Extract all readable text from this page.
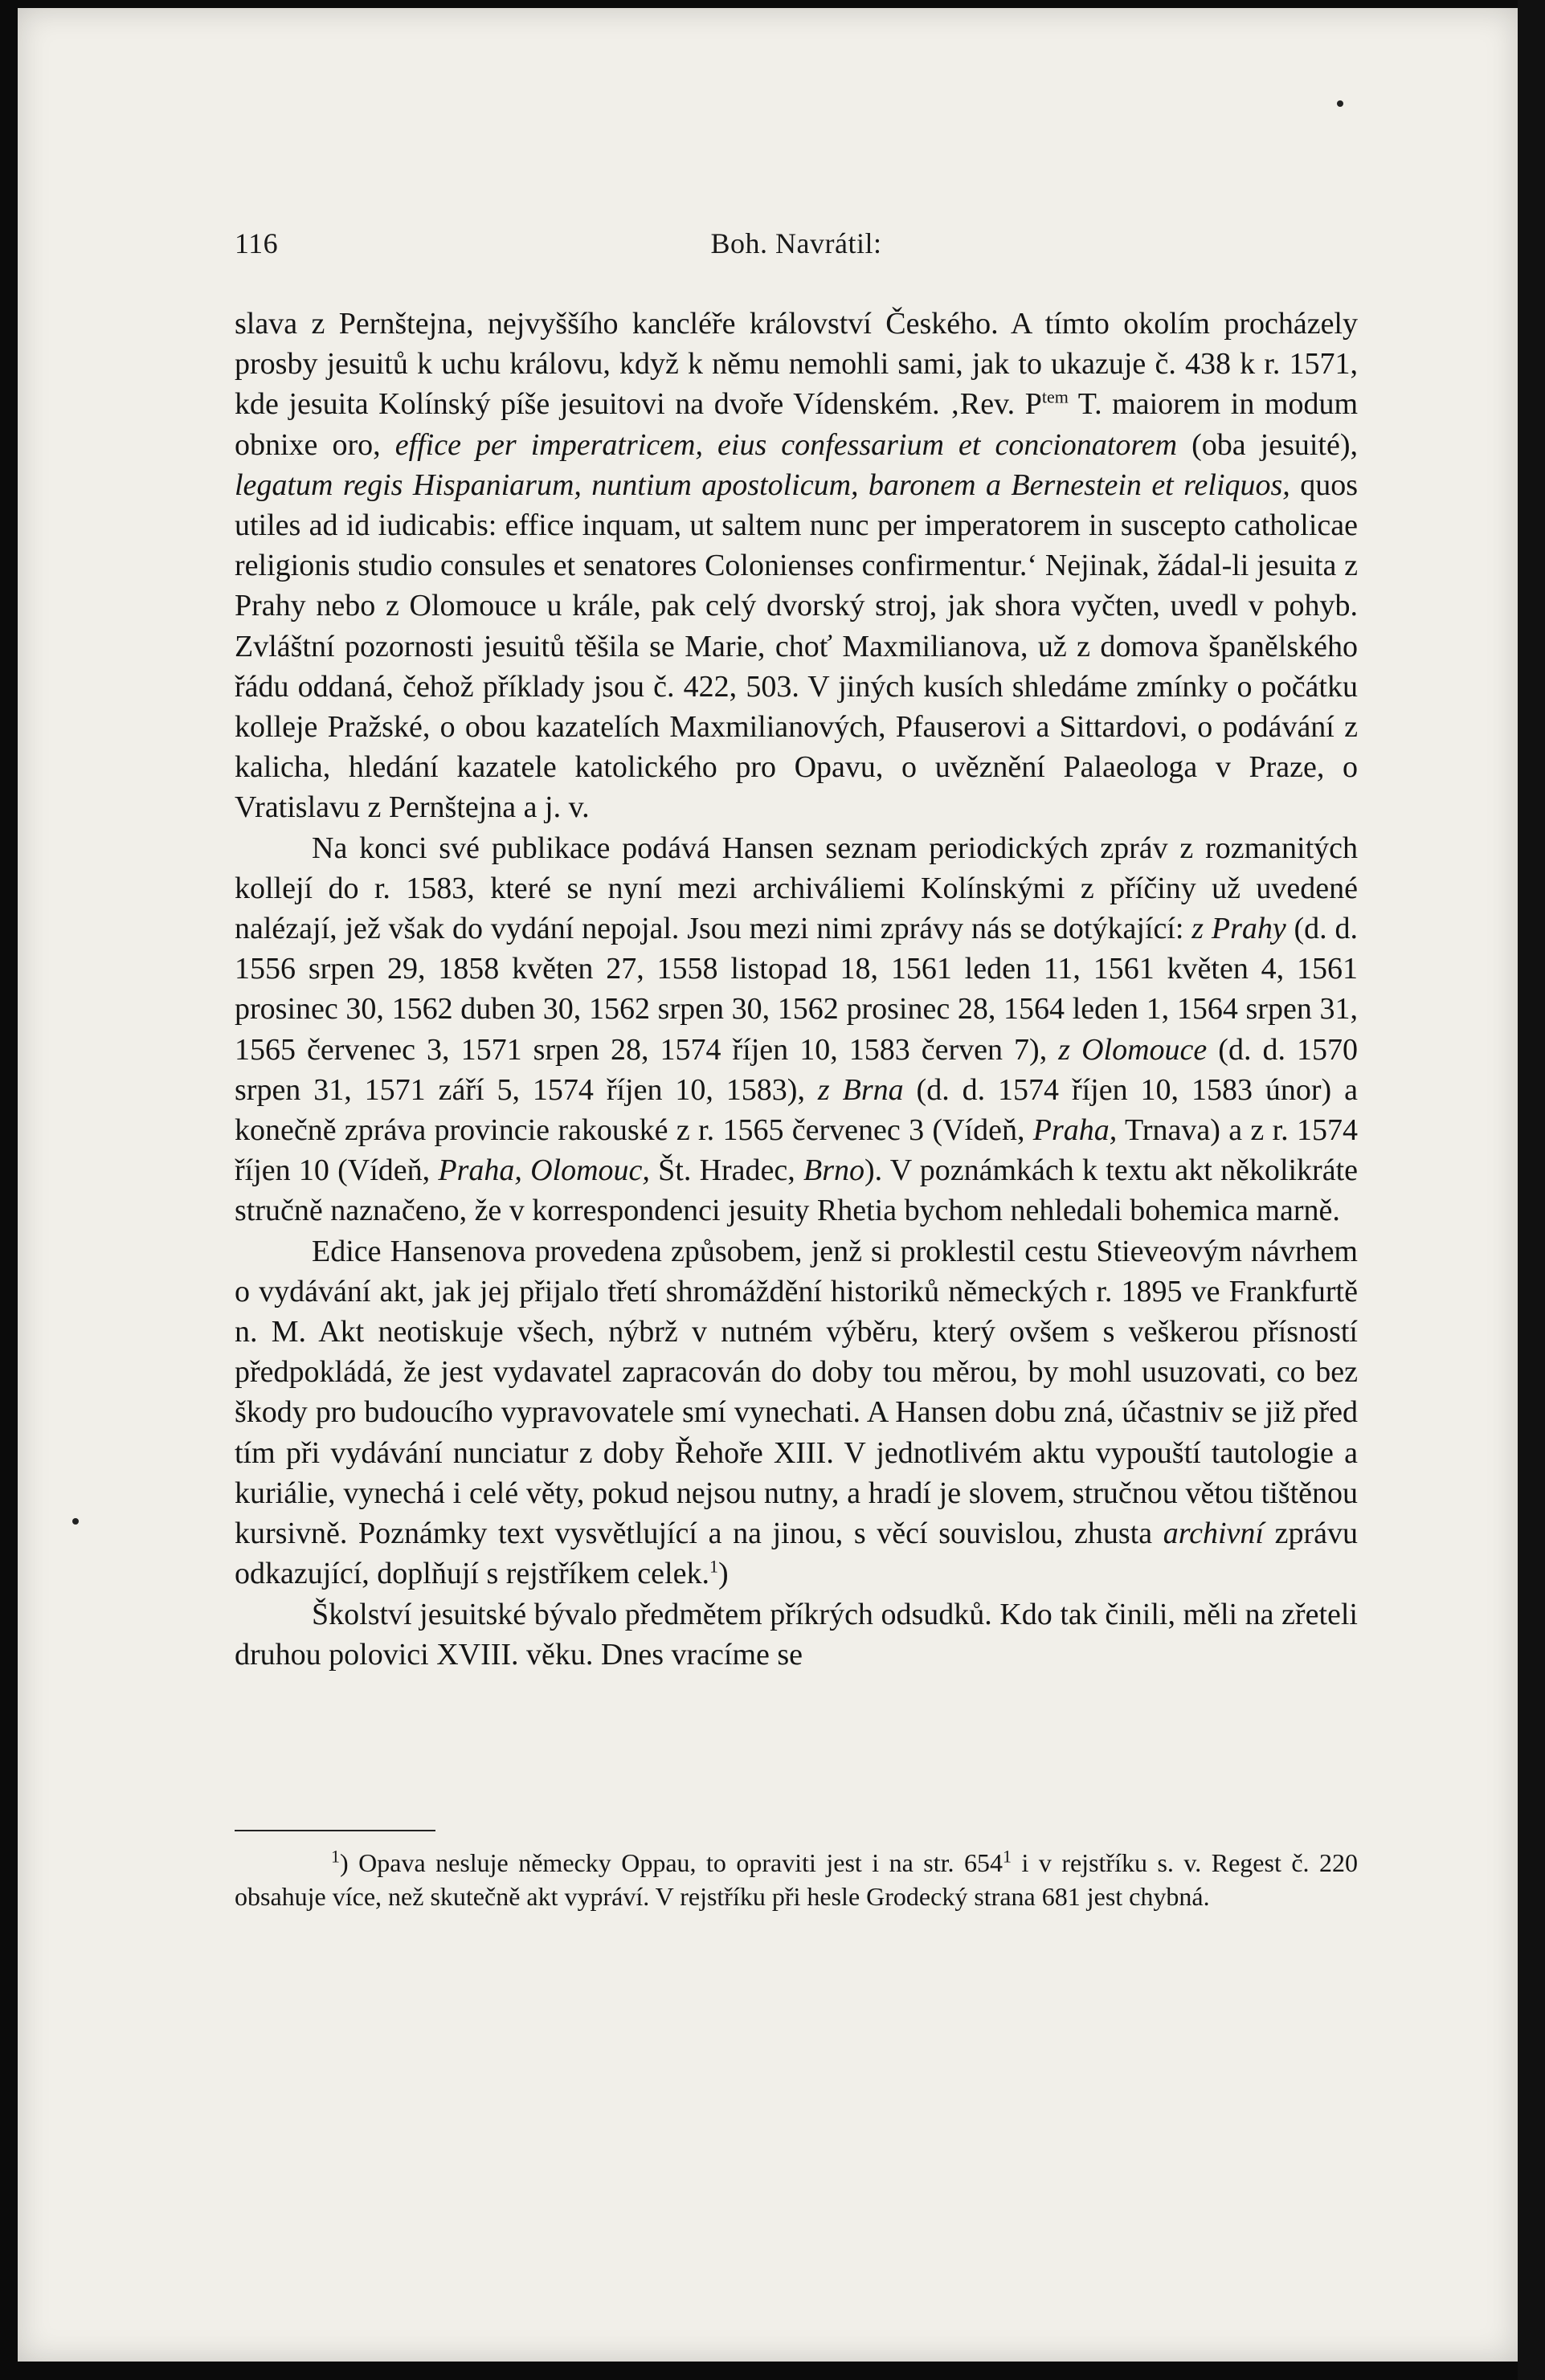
116	Boh. Navrátil:

slava z Pernštejna, nejvyššího kancléře království Českého. A tímto okolím procházely prosby jesuitů k uchu královu, když k němu nemohli sami, jak to ukazuje č. 438 k r. 1571, kde jesuita Kolínský píše jesuitovi na dvoře Vídenském. ‚Rev. $P^{tem}$ T. maiorem in modum obnixe oro, effice per imperatricem, eius confessarium et concionatorem (oba jesuité), legatum regis Hispaniarum, nuntium apostolicum, baronem a Bernestein et reliquos, quos utiles ad id iudicabis: effice inquam, ut saltem nunc per imperatorem in suscepto catholicae religionis studio consules et senatores Colonienses confirmentur.‘ Nejinak, žádal-li jesuita z Prahy nebo z Olomouce u krále, pak celý dvorský stroj, jak shora vyčten, uvedl v pohyb. Zvláštní pozornosti jesuitů těšila se Marie, choť Maxmilianova, už z domova španělského řádu oddaná, čehož příklady jsou č. 422, 503. V jiných kusích shledáme zmínky o počátku kolleje Pražské, o obou kazatelích Maxmilianových, Pfauserovi a Sittardovi, o podávání z kalicha, hledání kazatele katolického pro Opavu, o uvěznění Palaeologa v Praze, o Vratislavu z Pernštejna a j. v.

Na konci své publikace podává Hansen seznam periodických zpráv z rozmanitých kollejí do r. 1583, které se nyní mezi archiváliemi Kolínskými z příčiny už uvedené nalézají, jež však do vydání nepojal. Jsou mezi nimi zprávy nás se dotýkající: z Prahy (d. d. 1556 srpen 29, 1858 květen 27, 1558 listopad 18, 1561 leden 11, 1561 květen 4, 1561 prosinec 30, 1562 duben 30, 1562 srpen 30, 1562 prosinec 28, 1564 leden 1, 1564 srpen 31, 1565 červenec 3, 1571 srpen 28, 1574 říjen 10, 1583 červen 7), z Olomouce (d. d. 1570 srpen 31, 1571 září 5, 1574 říjen 10, 1583), z Brna (d. d. 1574 říjen 10, 1583 únor) a konečně zpráva provincie rakouské z r. 1565 červenec 3 (Vídeň, Praha, Trnava) a z r. 1574 říjen 10 (Vídeň, Praha, Olomouc, Št. Hradec, Brno). V poznámkách k textu akt několikráte stručně naznačeno, že v korrespondenci jesuity Rhetia bychom nehledali bohemica marně.

Edice Hansenova provedena způsobem, jenž si proklestil cestu Stieveovým návrhem o vydávání akt, jak jej přijalo třetí shromáždění historiků německých r. 1895 ve Frankfurtě n. M. Akt neotiskuje všech, nýbrž v nutném výběru, který ovšem s veškerou přísností předpokládá, že jest vydavatel zapracován do doby tou měrou, by mohl usuzovati, co bez škody pro budoucího vypravovatele smí vynechati. A Hansen dobu zná, účastniv se již před tím při vydávání nunciatur z doby Řehoře XIII. V jednotlivém aktu vypouští tautologie a kuriálie, vynechá i celé věty, pokud nejsou nutny, a hradí je slovem, stručnou větou tištěnou kursivně. Poznámky text vysvětlující a na jinou, s věcí souvislou, zhusta archivní zprávu odkazující, doplňují s rejstříkem celek.$^1$)

Školství jesuitské bývalo předmětem příkrých odsudků. Kdo tak činili, měli na zřeteli druhou polovici XVIII. věku. Dnes vracíme se

$^1$) Opava nesluje německy Oppau, to opraviti jest i na str. $654^1$ i v rejstříku s. v. Regest č. 220 obsahuje více, než skutečně akt vypráví. V rejstříku při hesle Grodecký strana 681 jest chybná.
